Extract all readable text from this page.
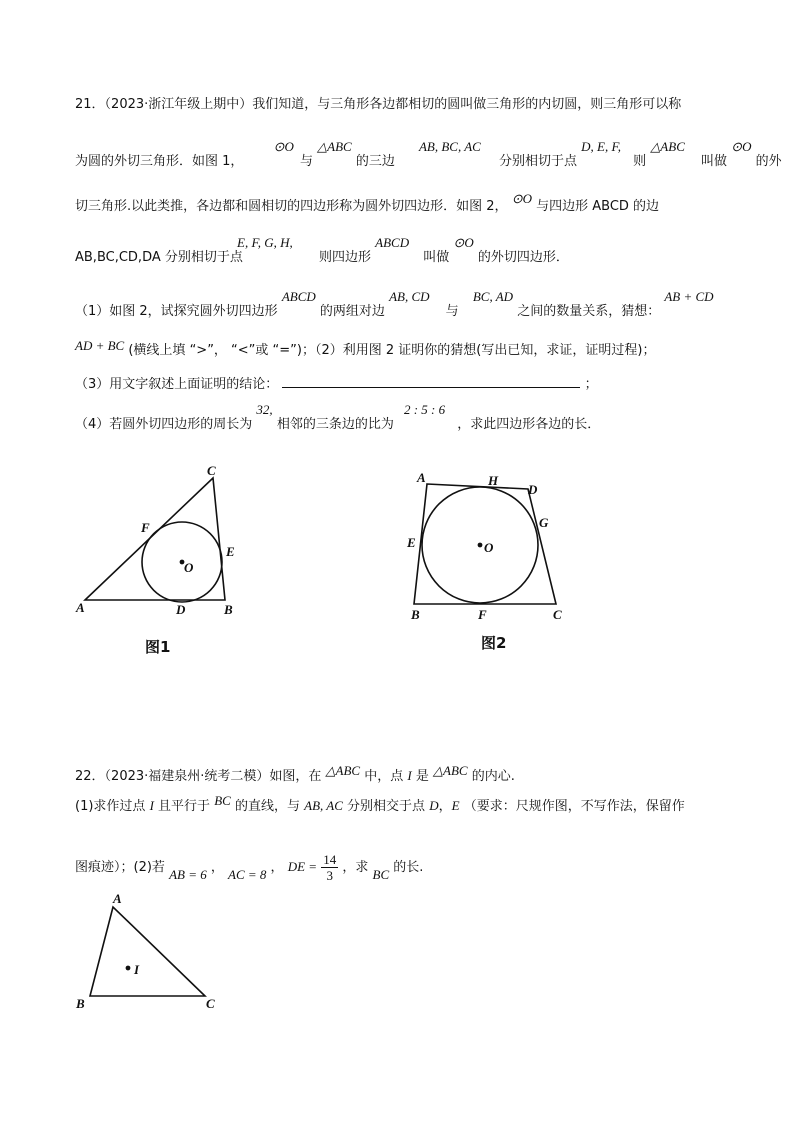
21．（2023·浙江年级上期中）我们知道，与三角形各边都相切的圆叫做三角形的内切圆，则三角形可以称
为圆的外切三角形．如图 1， ⊙O 与 △ABC 的三边 AB, BC, AC 分别相切于点 D, E, F, 则 △ABC 叫做 ⊙O 的外
切三角形.以此类推，各边都和圆相切的四边形称为圆外切四边形．如图 2， ⊙O 与四边形 ABCD 的边
AB,BC,CD,DA 分别相切于点
E, F, G, H,
则四边形 ABCD 叫做 ⊙O 的外切四边形．
（1）如图 2，试探究圆外切四边形 ABCD 的两组对边 AB, CD 与 BC, AD 之间的数量关系，猜想： AB + CD
AD + BC (横线上填 “>”， “<”或 “=”)；（2）利用图 2 证明你的猜想(写出已知，求证，证明过程)；
（3）用文字叙述上面证明的结论：	；
（4）若圆外切四边形的周长为 32, 相邻的三条边的比为 2 : 5 : 6 ，求此四边形各边的长．
A	B
C
D
E
F
O
图1
A
B	C
D
E
F
G
H
O
图2
A
B	C
I
22．（2023·福建泉州·统考二模）如图，在 △ABC 中，点 I 是 △ABC 的内心.
(1)求作过点 I 且平行于 BC 的直线，与 AB, AC 分别相交于点 D，E （要求：尺规作图，不写作法，保留作
图痕迹）；(2)若 AB = 6 ， AC = 8 ， DE = $\frac{14}{3}$ ，求 BC 的长.
